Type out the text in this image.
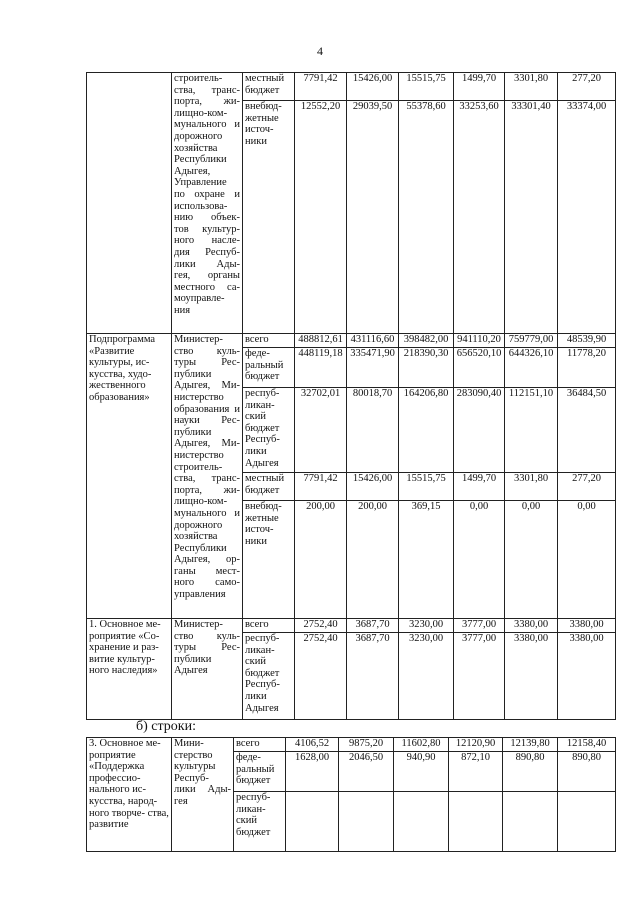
4
	строитель- ства, транс- порта, жи- лищно-ком- мунального и дорожного хозяйства Республики Адыгея, Управление по охране и использова- нию объек- тов культур- ного насле- дия Респуб- лики Ады- гея, органы местного са- моуправле- ния	местный бюджет	7791,42	15426,00	15515,75	1499,70	3301,80	277,20
		внебюд- жетные источ- ники	12552,20	29039,50	55378,60	33253,60	33301,40	33374,00
Подпрограмма «Развитие культуры, ис- кусства, худо- жественного образования»	Министер- ство куль- туры Рес- публики Адыгея, Ми- нистерство образования и науки Рес- публики Адыгея, Ми- нистерство строитель- ства, транс- порта, жи- лищно-ком- мунального и дорожного хозяйства Республики Адыгея, ор- ганы мест- ного само- управления	всего	488812,61	431116,60	398482,00	941110,20	759779,00	48539,90
		феде- ральный бюджет	448119,18	335471,90	218390,30	656520,10	644326,10	11778,20
		респуб- ликан- ский бюджет Респуб- лики Адыгея	32702,01	80018,70	164206,80	283090,40	112151,10	36484,50
		местный бюджет	7791,42	15426,00	15515,75	1499,70	3301,80	277,20
		внебюд- жетные источ- ники	200,00	200,00	369,15	0,00	0,00	0,00
1. Основное ме- роприятие «Со- хранение и раз- витие культур- ного наследия»	Министер- ство куль- туры Рес- публики Адыгея	всего	2752,40	3687,70	3230,00	3777,00	3380,00	3380,00
		респуб- ликан- ский бюджет Респуб- лики Адыгея	2752,40	3687,70	3230,00	3777,00	3380,00	3380,00
б) строки:
3. Основное ме- роприятие «Поддержка профессио- нального ис- кусства, народ- ного творче- ства, развитие	Мини- стерство культуры Респуб- лики Ады- гея	всего	4106,52	9875,20	11602,80	12120,90	12139,80	12158,40
		феде- ральный бюджет	1628,00	2046,50	940,90	872,10	890,80	890,80
		респуб- ликан- ский бюджет						
